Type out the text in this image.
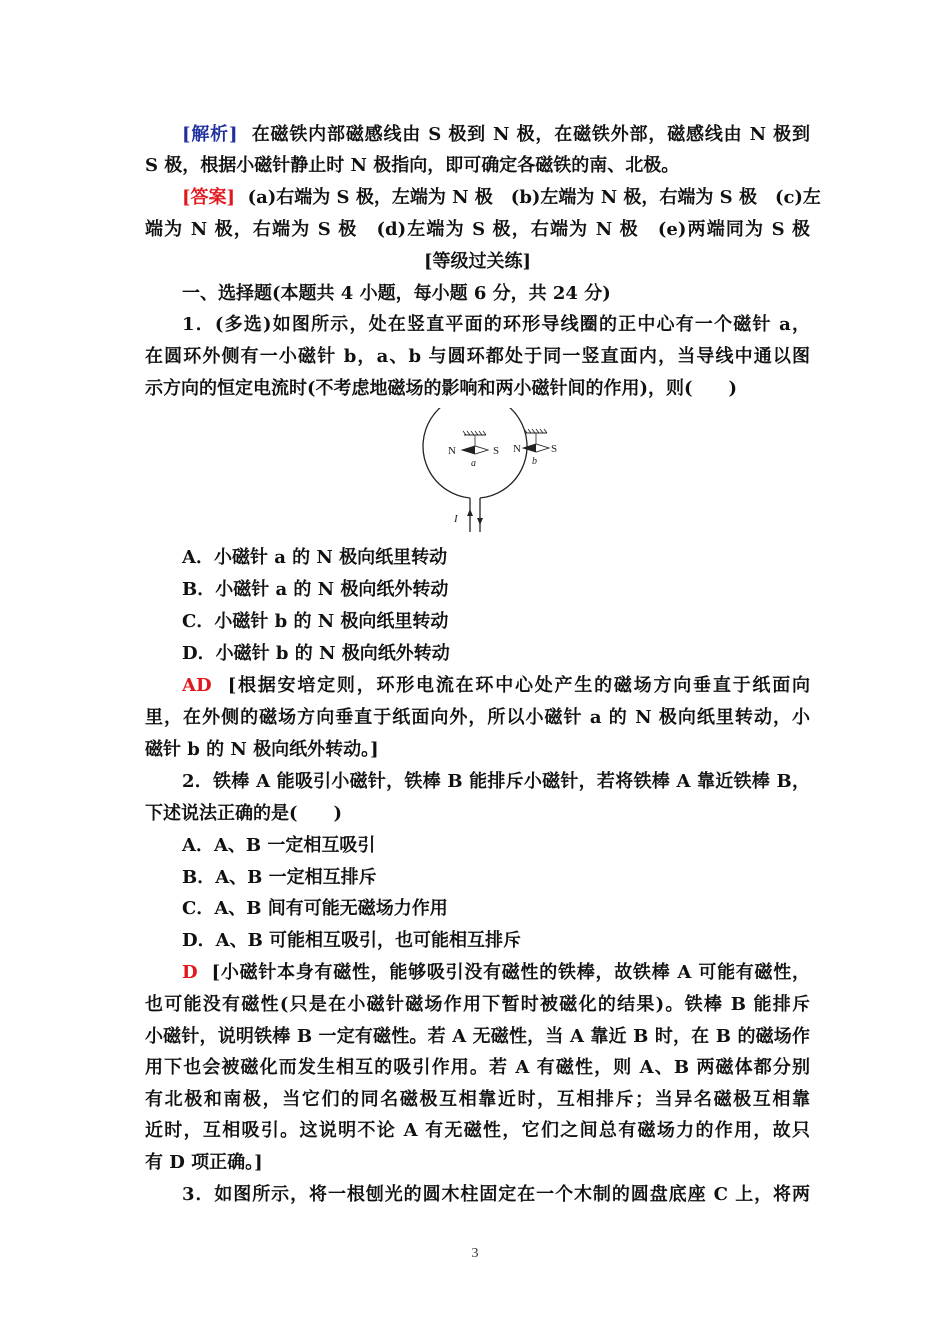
[解析] 在磁铁内部磁感线由 S 极到 N 极，在磁铁外部，磁感线由 N 极到
S 极，根据小磁针静止时 N 极指向，即可确定各磁铁的南、北极。
[答案] (a)右端为 S 极，左端为 N 极　(b)左端为 N 极，右端为 S 极　(c)左
端为 N 极，右端为 S 极　(d)左端为 S 极，右端为 N 极　(e)两端同为 S 极
[等级过关练]
一、选择题(本题共 4 小题，每小题 6 分，共 24 分)
1．(多选)如图所示，处在竖直平面的环形导线圈的正中心有一个磁针 a，
在圆环外侧有一小磁针 b，a、b 与圆环都处于同一竖直面内，当导线中通以图
示方向的恒定电流时(不考虑地磁场的影响和两小磁针间的作用)，则(　　)
I
N	S
a
N	S
b
A．小磁针 a 的 N 极向纸里转动
B．小磁针 a 的 N 极向纸外转动
C．小磁针 b 的 N 极向纸里转动
D．小磁针 b 的 N 极向纸外转动
AD [根据安培定则，环形电流在环中心处产生的磁场方向垂直于纸面向
里，在外侧的磁场方向垂直于纸面向外，所以小磁针 a 的 N 极向纸里转动，小
磁针 b 的 N 极向纸外转动。]
2．铁棒 A 能吸引小磁针，铁棒 B 能排斥小磁针，若将铁棒 A 靠近铁棒 B，
下述说法正确的是(　　)
A．A、B 一定相互吸引
B．A、B 一定相互排斥
C．A、B 间有可能无磁场力作用
D．A、B 可能相互吸引，也可能相互排斥
D [小磁针本身有磁性，能够吸引没有磁性的铁棒，故铁棒 A 可能有磁性，
也可能没有磁性(只是在小磁针磁场作用下暂时被磁化的结果)。铁棒 B 能排斥
小磁针，说明铁棒 B 一定有磁性。若 A 无磁性，当 A 靠近 B 时，在 B 的磁场作
用下也会被磁化而发生相互的吸引作用。若 A 有磁性，则 A、B 两磁体都分别
有北极和南极，当它们的同名磁极互相靠近时，互相排斥；当异名磁极互相靠
近时，互相吸引。这说明不论 A 有无磁性，它们之间总有磁场力的作用，故只
有 D 项正确。]
3．如图所示，将一根刨光的圆木柱固定在一个木制的圆盘底座 C 上，将两
3
